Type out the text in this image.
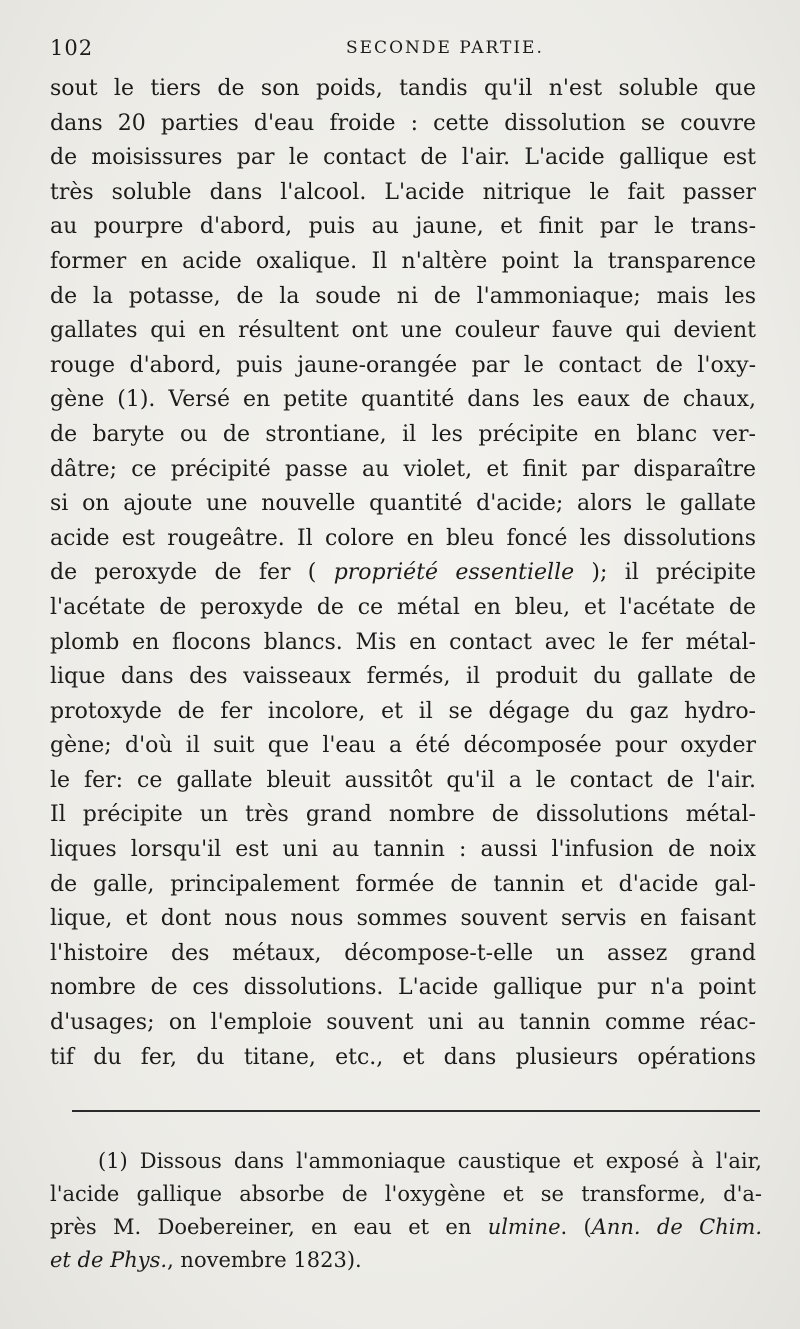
102	SECONDE PARTIE.
sout le tiers de son poids, tandis qu'il n'est soluble que
dans 20 parties d'eau froide : cette dissolution se couvre
de moisissures par le contact de l'air. L'acide gallique est
très soluble dans l'alcool. L'acide nitrique le fait passer
au pourpre d'abord, puis au jaune, et finit par le trans-
former en acide oxalique. Il n'altère point la transparence
de la potasse, de la soude ni de l'ammoniaque; mais les
gallates qui en résultent ont une couleur fauve qui devient
rouge d'abord, puis jaune-orangée par le contact de l'oxy-
gène (1). Versé en petite quantité dans les eaux de chaux,
de baryte ou de strontiane, il les précipite en blanc ver-
dâtre; ce précipité passe au violet, et finit par disparaître
si on ajoute une nouvelle quantité d'acide; alors le gallate
acide est rougeâtre. Il colore en bleu foncé les dissolutions
de peroxyde de fer ( propriété essentielle ); il précipite
l'acétate de peroxyde de ce métal en bleu, et l'acétate de
plomb en flocons blancs. Mis en contact avec le fer métal-
lique dans des vaisseaux fermés, il produit du gallate de
protoxyde de fer incolore, et il se dégage du gaz hydro-
gène; d'où il suit que l'eau a été décomposée pour oxyder
le fer: ce gallate bleuit aussitôt qu'il a le contact de l'air.
Il précipite un très grand nombre de dissolutions métal-
liques lorsqu'il est uni au tannin : aussi l'infusion de noix
de galle, principalement formée de tannin et d'acide gal-
lique, et dont nous nous sommes souvent servis en faisant
l'histoire des métaux, décompose-t-elle un assez grand
nombre de ces dissolutions. L'acide gallique pur n'a point
d'usages; on l'emploie souvent uni au tannin comme réac-
tif du fer, du titane, etc., et dans plusieurs opérations
(1) Dissous dans l'ammoniaque caustique et exposé à l'air,
l'acide gallique absorbe de l'oxygène et se transforme, d'a-
près M. Doebereiner, en eau et en ulmine. (Ann. de Chim.
et de Phys., novembre 1823).
